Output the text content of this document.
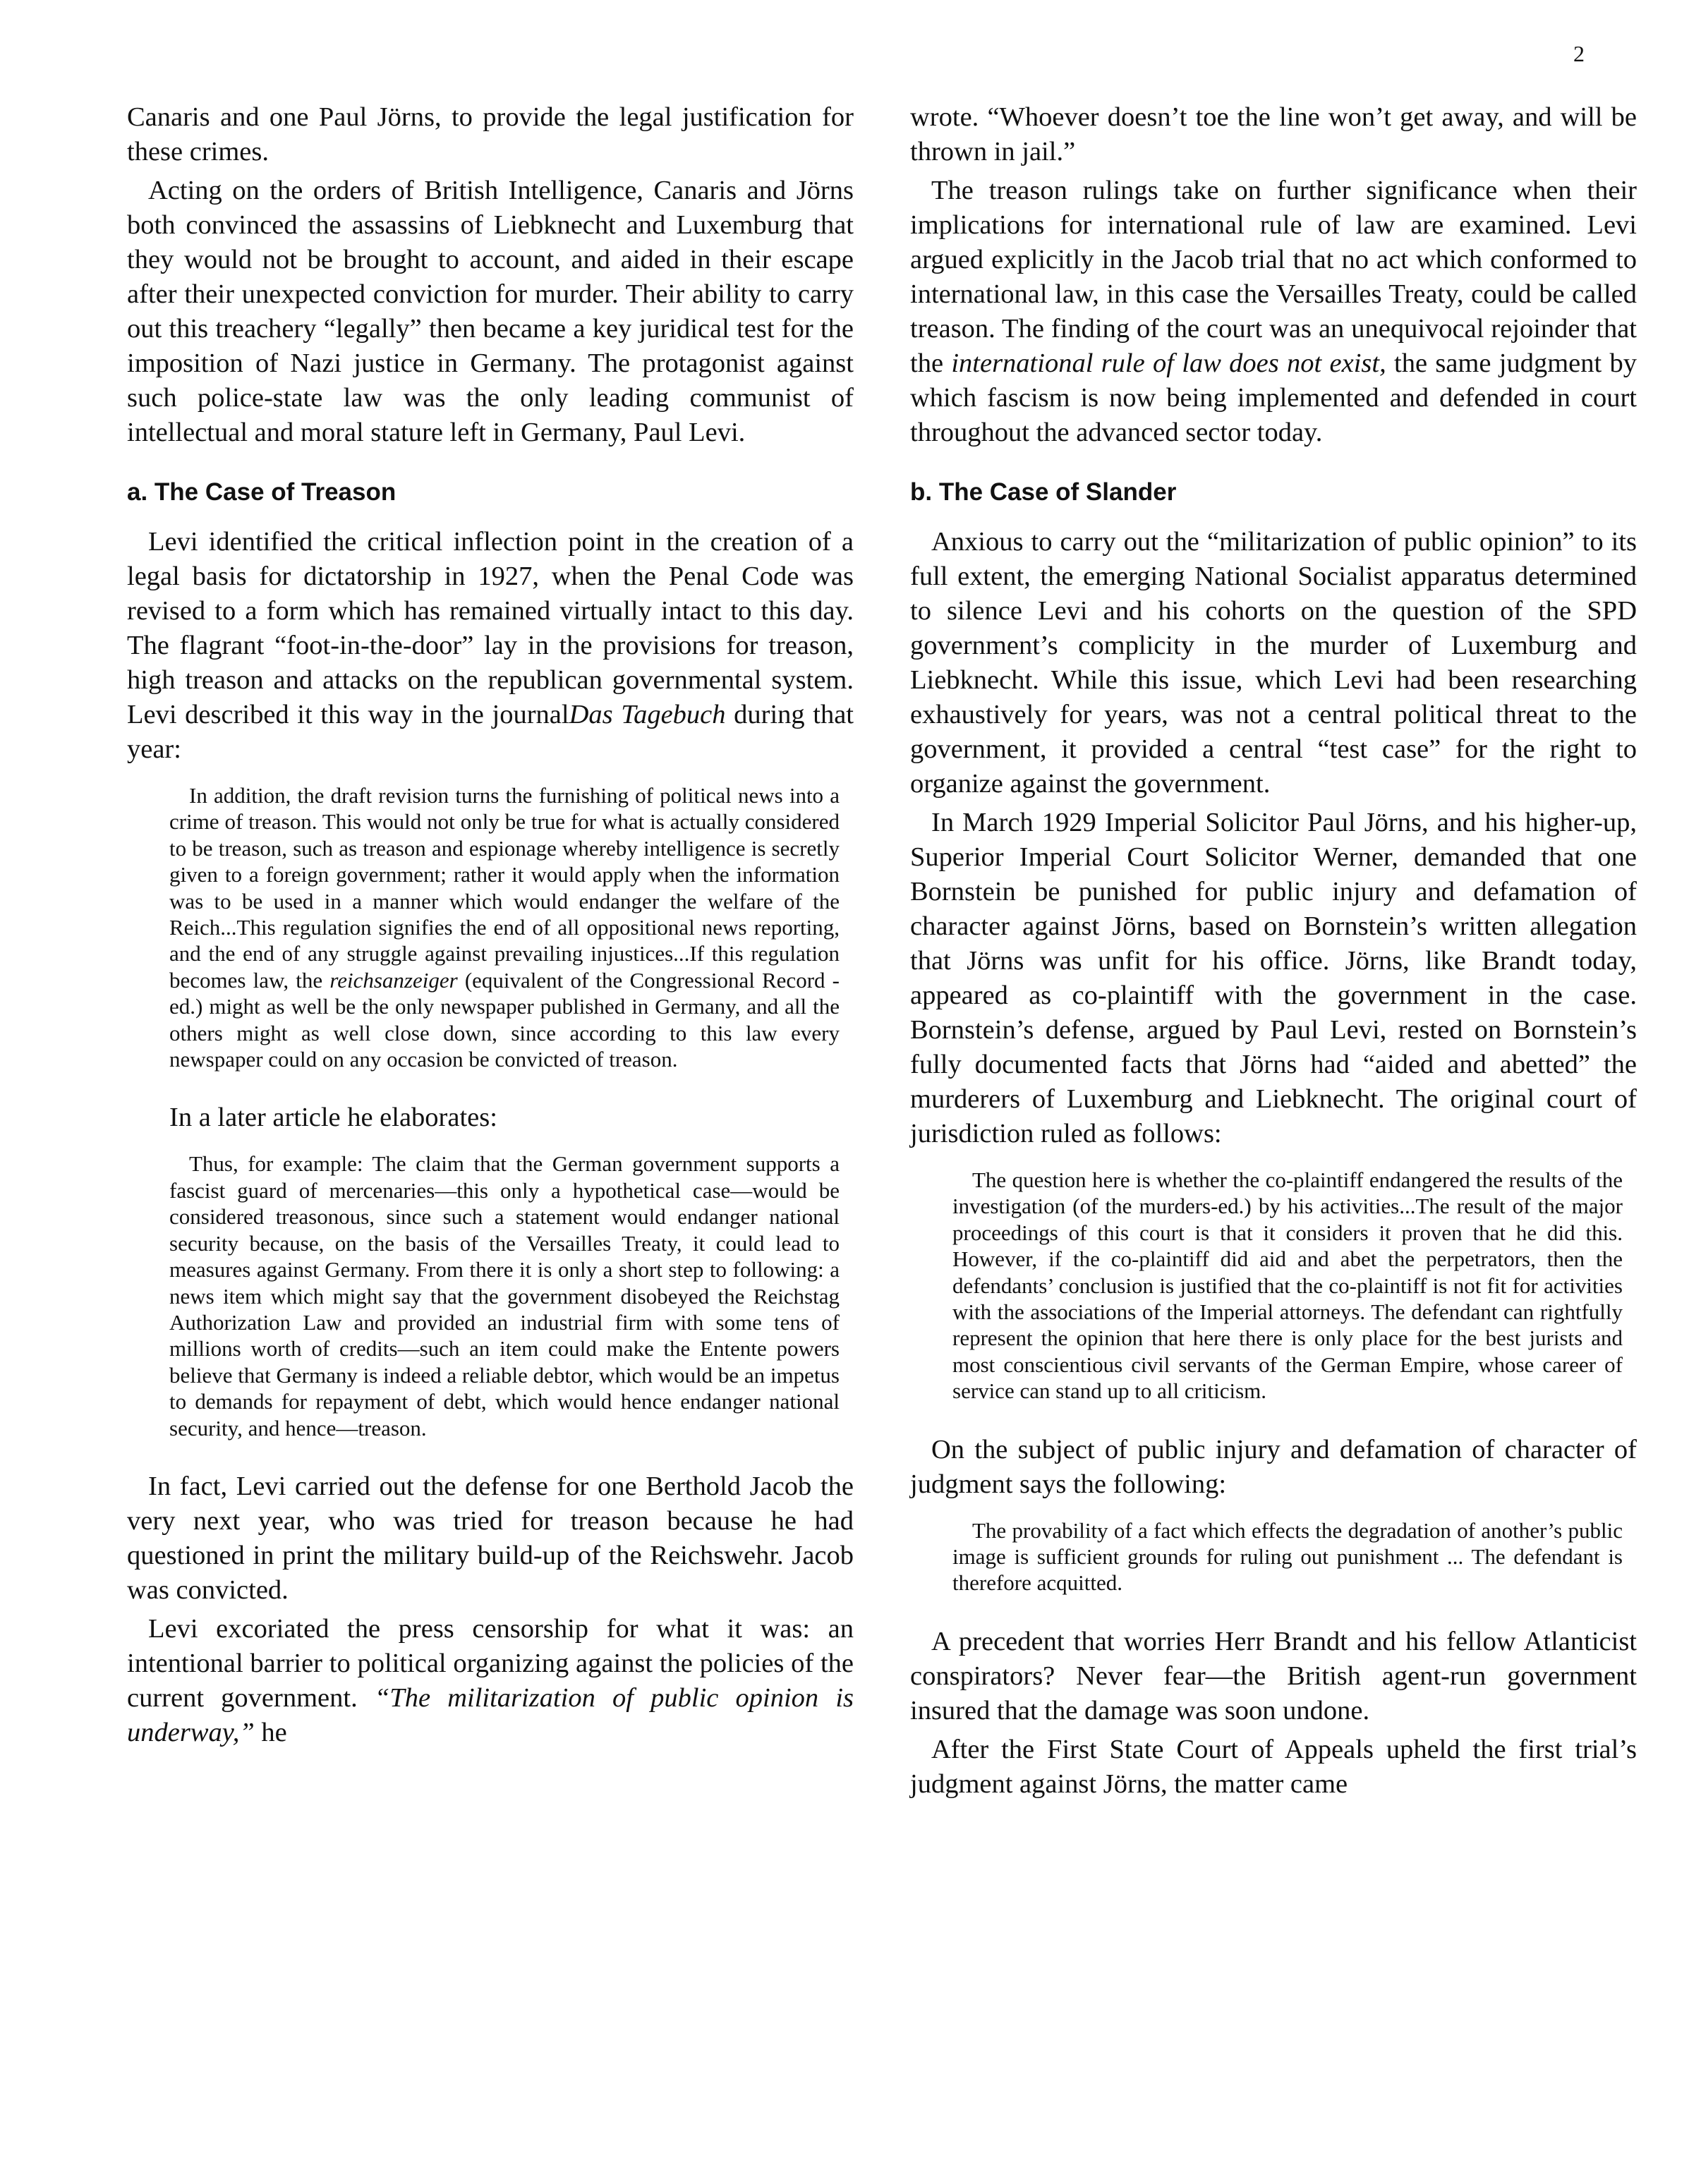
2

Canaris and one Paul Jörns, to provide the legal justification for these crimes.

Acting on the orders of British Intelligence, Canaris and Jörns both convinced the assassins of Liebknecht and Luxemburg that they would not be brought to account, and aided in their escape after their unexpected conviction for murder. Their ability to carry out this treachery “legally” then became a key juridical test for the imposition of Nazi justice in Germany. The protagonist against such police-state law was the only leading communist of intellectual and moral stature left in Germany, Paul Levi.

a. The Case of Treason

Levi identified the critical inflection point in the creation of a legal basis for dictatorship in 1927, when the Penal Code was revised to a form which has remained virtually intact to this day. The flagrant “foot-in-the-door” lay in the provisions for treason, high treason and attacks on the republican governmental system. Levi described it this way in the journalDas Tagebuch during that year:

In addition, the draft revision turns the furnishing of political news into a crime of treason. This would not only be true for what is actually considered to be treason, such as treason and espionage whereby intelligence is secretly given to a foreign government; rather it would apply when the information was to be used in a manner which would endanger the welfare of the Reich...This regulation signifies the end of all oppositional news reporting, and the end of any struggle against prevailing injustices...If this regulation becomes law, the reichsanzeiger (equivalent of the Congressional Record -ed.) might as well be the only newspaper published in Germany, and all the others might as well close down, since according to this law every newspaper could on any occasion be convicted of treason.

In a later article he elaborates:

Thus, for example: The claim that the German government supports a fascist guard of mercenaries—this only a hypothetical case—would be considered treasonous, since such a statement would endanger national security because, on the basis of the Versailles Treaty, it could lead to measures against Germany. From there it is only a short step to following: a news item which might say that the government disobeyed the Reichstag Authorization Law and provided an industrial firm with some tens of millions worth of credits—such an item could make the Entente powers believe that Germany is indeed a reliable debtor, which would be an impetus to demands for repayment of debt, which would hence endanger national security, and hence—treason.

In fact, Levi carried out the defense for one Berthold Jacob the very next year, who was tried for treason because he had questioned in print the military build-up of the Reichswehr. Jacob was convicted.

Levi excoriated the press censorship for what it was: an intentional barrier to political organizing against the policies of the current government. “The militarization of public opinion is underway,” he

wrote. “Whoever doesn’t toe the line won’t get away, and will be thrown in jail.”

The treason rulings take on further significance when their implications for international rule of law are examined. Levi argued explicitly in the Jacob trial that no act which conformed to international law, in this case the Versailles Treaty, could be called treason. The finding of the court was an unequivocal rejoinder that the international rule of law does not exist, the same judgment by which fascism is now being implemented and defended in court throughout the advanced sector today.

b. The Case of Slander

Anxious to carry out the “militarization of public opinion” to its full extent, the emerging National Socialist apparatus determined to silence Levi and his cohorts on the question of the SPD government’s complicity in the murder of Luxemburg and Liebknecht. While this issue, which Levi had been researching exhaustively for years, was not a central political threat to the government, it provided a central “test case” for the right to organize against the government.

In March 1929 Imperial Solicitor Paul Jörns, and his higher-up, Superior Imperial Court Solicitor Werner, demanded that one Bornstein be punished for public injury and defamation of character against Jörns, based on Bornstein’s written allegation that Jörns was unfit for his office. Jörns, like Brandt today, appeared as co-plaintiff with the government in the case. Bornstein’s defense, argued by Paul Levi, rested on Bornstein’s fully documented facts that Jörns had “aided and abetted” the murderers of Luxemburg and Liebknecht. The original court of jurisdiction ruled as follows:

The question here is whether the co-plaintiff endangered the results of the investigation (of the murders-ed.) by his activities...The result of the major proceedings of this court is that it considers it proven that he did this. However, if the co-plaintiff did aid and abet the perpetrators, then the defendants’ conclusion is justified that the co-plaintiff is not fit for activities with the associations of the Imperial attorneys. The defendant can rightfully represent the opinion that here there is only place for the best jurists and most conscientious civil servants of the German Empire, whose career of service can stand up to all criticism.

On the subject of public injury and defamation of character of judgment says the following:

The provability of a fact which effects the degradation of another’s public image is sufficient grounds for ruling out punishment ... The defendant is therefore acquitted.

A precedent that worries Herr Brandt and his fellow Atlanticist conspirators? Never fear—the British agent-run government insured that the damage was soon undone.

After the First State Court of Appeals upheld the first trial’s judgment against Jörns, the matter came
